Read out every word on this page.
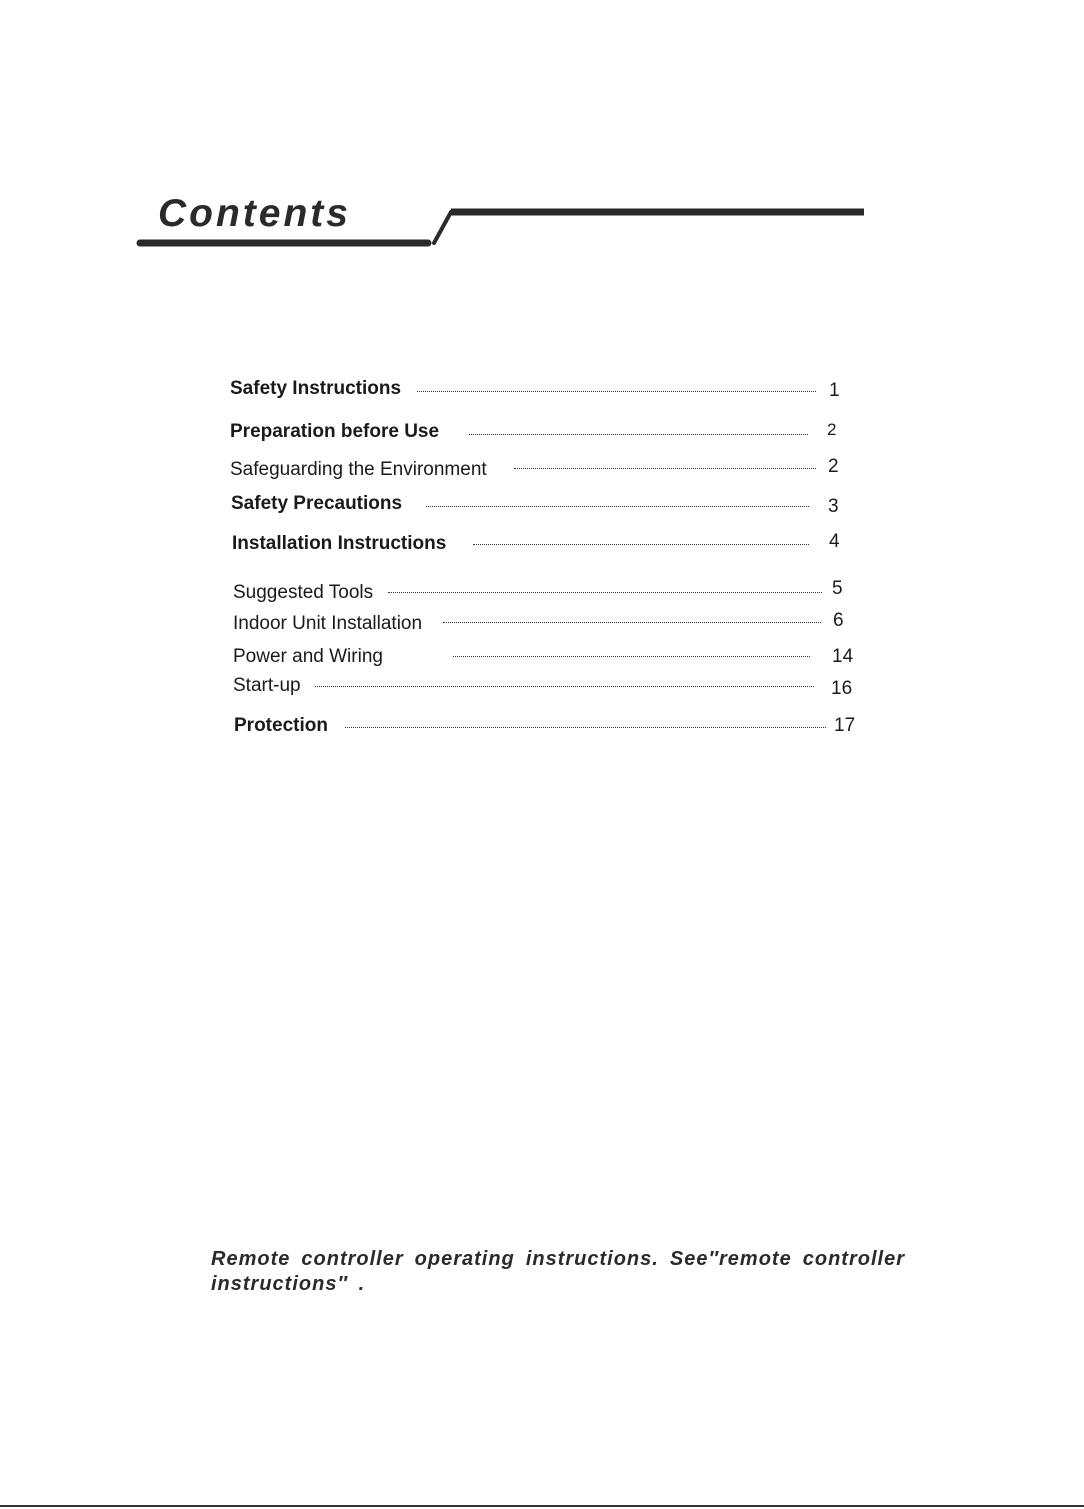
Contents
Safety Instructions	1
Preparation before Use	2
Safeguarding the Environment	2
Safety Precautions	3
Installation Instructions	4
Suggested Tools	5
Indoor Unit Installation	6
Power and Wiring	14
Start-up	16
Protection	17

Remote controller operating instructions. See″remote controller instructions″ .
